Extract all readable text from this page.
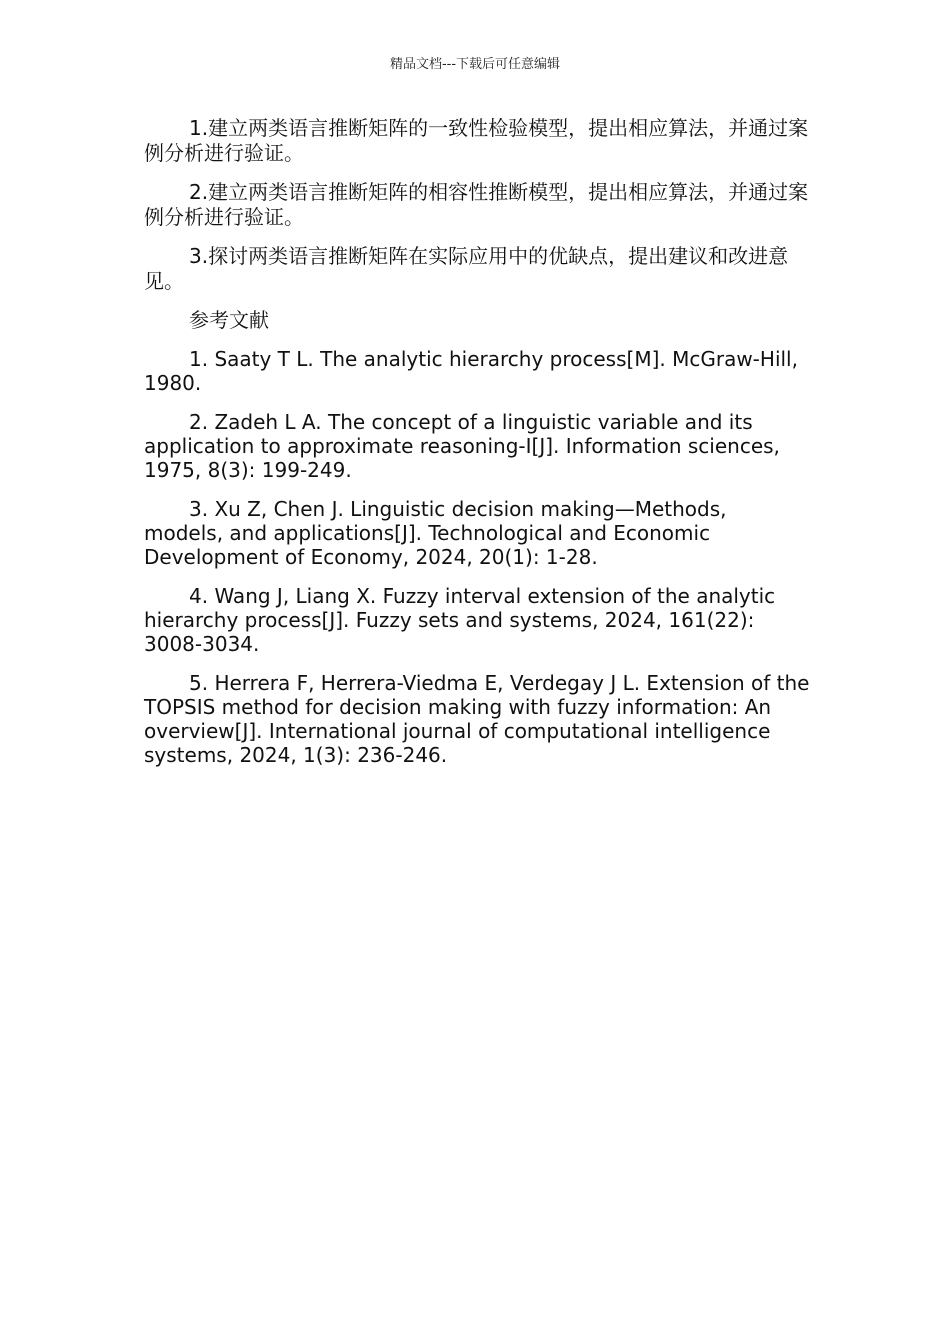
精品文档---下载后可任意编辑

1.建立两类语言推断矩阵的一致性检验模型，提出相应算法，并通过案例分析进行验证。

2.建立两类语言推断矩阵的相容性推断模型，提出相应算法，并通过案例分析进行验证。

3.探讨两类语言推断矩阵在实际应用中的优缺点，提出建议和改进意见。

参考文献

1. Saaty T L. The analytic hierarchy process[M]. McGraw-Hill, 1980.

2. Zadeh L A. The concept of a linguistic variable and its application to approximate reasoning-I[J]. Information sciences, 1975, 8(3): 199-249.

3. Xu Z, Chen J. Linguistic decision making—Methods, models, and applications[J]. Technological and Economic Development of Economy, 2024, 20(1): 1-28.

4. Wang J, Liang X. Fuzzy interval extension of the analytic hierarchy process[J]. Fuzzy sets and systems, 2024, 161(22): 3008-3034.

5. Herrera F, Herrera-Viedma E, Verdegay J L. Extension of the TOPSIS method for decision making with fuzzy information: An overview[J]. International journal of computational intelligence systems, 2024, 1(3): 236-246.
